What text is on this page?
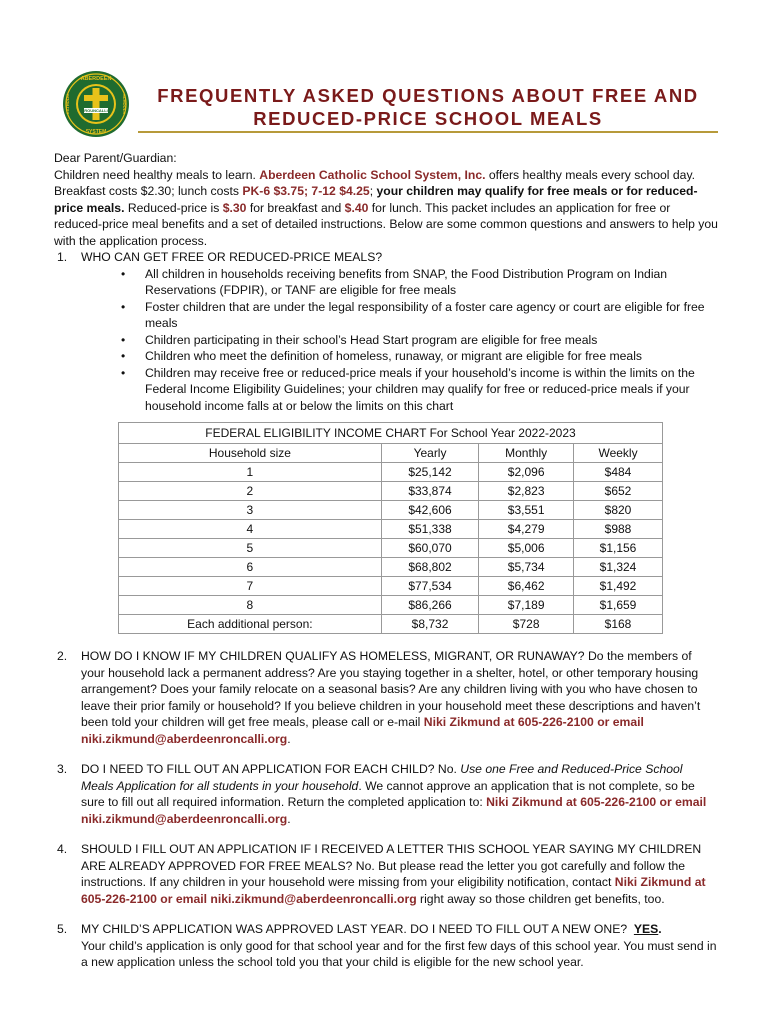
ROUNCALLI
ABERDEEN
SYSTEM
CATHOLIC	SCHOOLS	FREQUENTLY ASKED QUESTIONS ABOUT FREE AND
REDUCED-PRICE SCHOOL MEALS

Dear Parent/Guardian:

Children need healthy meals to learn. Aberdeen Catholic School System, Inc. offers healthy meals every school day. Breakfast costs $2.30; lunch costs PK-6 $3.75; 7-12 $4.25; your children may qualify for free meals or for reduced-price meals. Reduced-price is $.30 for breakfast and $.40 for lunch. This packet includes an application for free or reduced-price meal benefits and a set of detailed instructions. Below are some common questions and answers to help you with the application process.

1. WHO CAN GET FREE OR REDUCED-PRICE MEALS?
• All children in households receiving benefits from SNAP, the Food Distribution Program on Indian Reservations (FDPIR), or TANF are eligible for free meals
• Foster children that are under the legal responsibility of a foster care agency or court are eligible for free meals
• Children participating in their school’s Head Start program are eligible for free meals
• Children who meet the definition of homeless, runaway, or migrant are eligible for free meals
• Children may receive free or reduced-price meals if your household’s income is within the limits on the Federal Income Eligibility Guidelines; your children may qualify for free or reduced-price meals if your household income falls at or below the limits on this chart
FEDERAL ELIGIBILITY INCOME CHART For School Year 2022-2023			
Household size	Yearly	Monthly	Weekly
1	$25,142	$2,096	$484
2	$33,874	$2,823	$652
3	$42,606	$3,551	$820
4	$51,338	$4,279	$988
5	$60,070	$5,006	$1,156
6	$68,802	$5,734	$1,324
7	$77,534	$6,462	$1,492
8	$86,266	$7,189	$1,659
Each additional person:	$8,732	$728	$168
2. HOW DO I KNOW IF MY CHILDREN QUALIFY AS HOMELESS, MIGRANT, OR RUNAWAY? Do the members of your household lack a permanent address? Are you staying together in a shelter, hotel, or other temporary housing arrangement? Does your family relocate on a seasonal basis? Are any children living with you who have chosen to leave their prior family or household? If you believe children in your household meet these descriptions and haven’t been told your children will get free meals, please call or e-mail Niki Zikmund at 605-226-2100 or email niki.zikmund@aberdeenroncalli.org.
3. DO I NEED TO FILL OUT AN APPLICATION FOR EACH CHILD? No. Use one Free and Reduced-Price School Meals Application for all students in your household. We cannot approve an application that is not complete, so be sure to fill out all required information. Return the completed application to: Niki Zikmund at 605-226-2100 or email niki.zikmund@aberdeenroncalli.org.
4. SHOULD I FILL OUT AN APPLICATION IF I RECEIVED A LETTER THIS SCHOOL YEAR SAYING MY CHILDREN ARE ALREADY APPROVED FOR FREE MEALS? No. But please read the letter you got carefully and follow the instructions. If any children in your household were missing from your eligibility notification, contact Niki Zikmund at 605-226-2100 or email niki.zikmund@aberdeenroncalli.org right away so those children get benefits, too.
5. MY CHILD’S APPLICATION WAS APPROVED LAST YEAR. DO I NEED TO FILL OUT A NEW ONE? YES.
Your child’s application is only good for that school year and for the first few days of this school year. You must send in a new application unless the school told you that your child is eligible for the new school year.
